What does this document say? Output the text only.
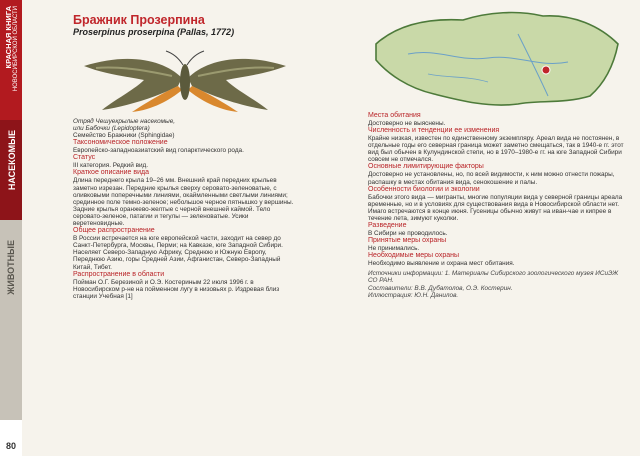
КРАСНАЯ КНИГА НОВОСИБИРСКОЙ ОБЛАСТИ
НАСЕКОМЫЕ
ЖИВОТНЫЕ
80
Бражник Прозерпина
Proserpinus proserpina (Pallas, 1772)

Отряд Чешуекрылые насекомые,

или Бабочки (Lepidoptera)

Семейство Бражники (Sphingidae)

Таксономическое положение

Европейско-западноазиатский вид голарктического рода.

Статус

III категория. Редкий вид.

Краткое описание вида

Длина переднего крыла 19–26 мм. Внешний край передних крыльев заметно изрезан. Передние крылья сверху серовато-зеленоватые, с оливковыми поперечными линиями, окаймленными светлыми линиями; срединное поле темно-зеленое; небольшое черное пятнышко у вершины. Задние крылья оранжево-желтые с черной внешней каймой. Тело серовато-зеленое, патагии и тегулы — зеленоватые. Усики веретеновидные.

Общее распространение

В России встречается на юге европейской части, заходит на север до Санкт-Петербурга, Москвы, Перми; на Кавказе, юге Западной Сибири. Населяет Северо-Западную Африку, Среднюю и Южную Европу, Переднюю Азию, горы Средней Азии, Афганистан, Северо-Западный Китай, Тибет.

Распространение в области

Пойман О.Г. Березиной и О.Э. Костериным 22 июля 1996 г. в Новосибирском р-не на пойменном лугу в низовьях р. Издревая близ станции Учебная [1]

Места обитания

Достоверно не выяснены.

Численность и тенденции ее изменения

Крайне низкая, известен по единственному экземпляру. Ареал вида не постоянен, в отдельные годы его северная граница может заметно смещаться, так в 1940-е гг. этот вид был обычен в Кулундинской степи, но в 1970–1980-е гг. на юге Западной Сибири совсем не отмечался.

Основные лимитирующие факторы

Достоверно не установлены, но, по всей видимости, к ним можно отнести пожары, распашку в местах обитания вида, сенокошение и палы.

Особенности биологии и экологии

Бабочки этого вида — мигранты, многие популяции вида у северной границы ареала временные, но и в условиях для существования вида в Новосибирской области нет. Имаго встречаются в конце июня. Гусеницы обычно живут на иван-чае и кипрее в течение лета, зимуют куколки.

Разведение

В Сибири не проводилось.

Принятые меры охраны

Не принимались.

Необходимые меры охраны

Необходимо выявление и охрана мест обитания.

Источники информации: 1. Материалы Сибирского зоологического музея ИСиЭЖ СО РАН.

Составители: В.В. Дубатолов, О.Э. Костерин.

Иллюстрация: Ю.Н. Данилов.
